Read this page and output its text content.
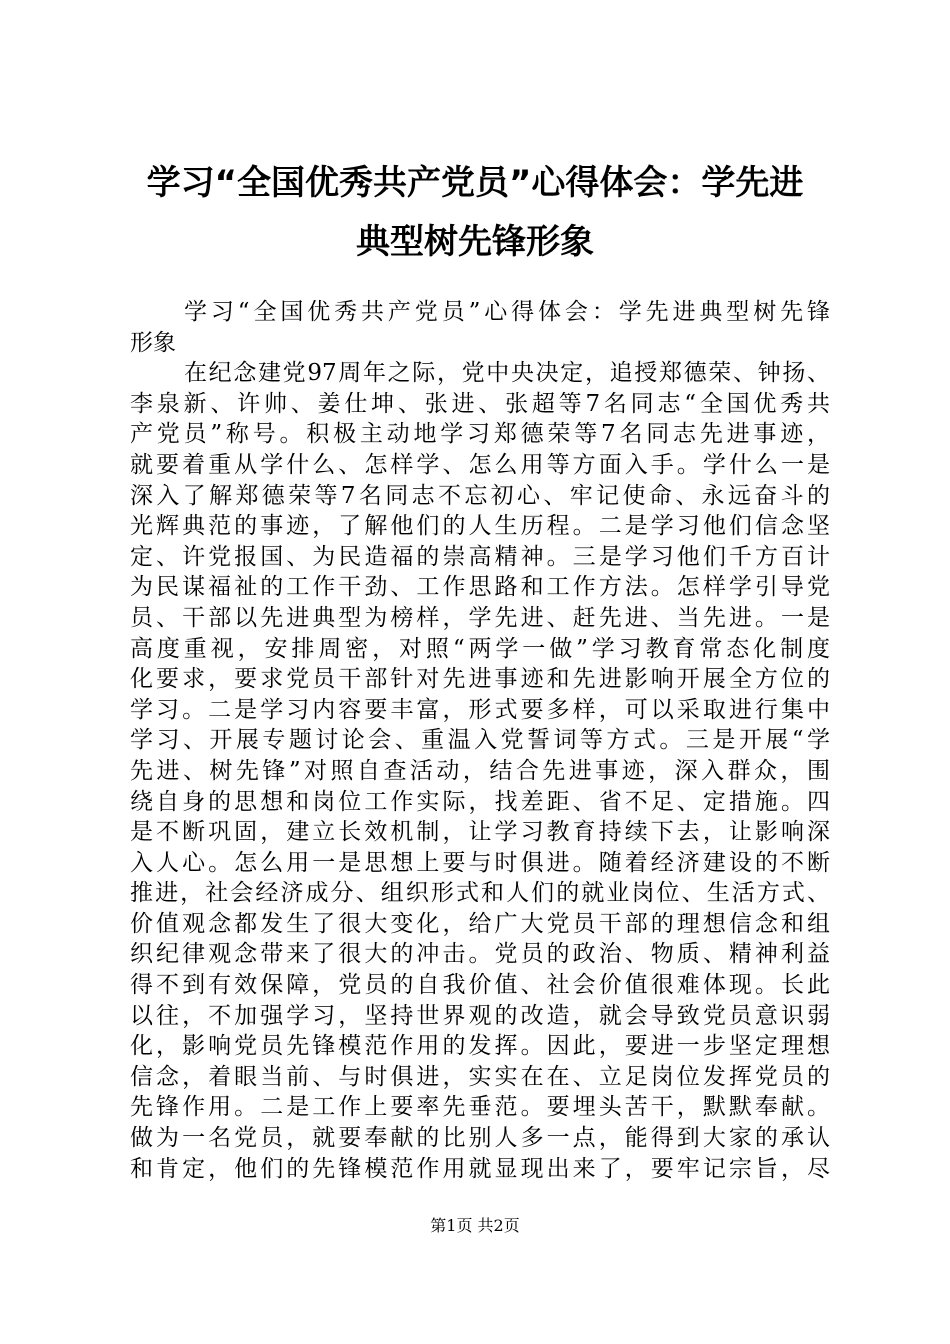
学习“全国优秀共产党员”心得体会：学先进
典型树先锋形象
学习“全国优秀共产党员”心得体会：学先进典型树先锋
形象
在纪念建党97周年之际，党中央决定，追授郑德荣、钟扬、
李泉新、许帅、姜仕坤、张进、张超等7名同志“全国优秀共
产党员”称号。积极主动地学习郑德荣等7名同志先进事迹，
就要着重从学什么、怎样学、怎么用等方面入手。学什么一是
深入了解郑德荣等7名同志不忘初心、牢记使命、永远奋斗的
光辉典范的事迹，了解他们的人生历程。二是学习他们信念坚
定、许党报国、为民造福的崇高精神。三是学习他们千方百计
为民谋福祉的工作干劲、工作思路和工作方法。怎样学引导党
员、干部以先进典型为榜样，学先进、赶先进、当先进。一是
高度重视，安排周密，对照“两学一做”学习教育常态化制度
化要求，要求党员干部针对先进事迹和先进影响开展全方位的
学习。二是学习内容要丰富，形式要多样，可以采取进行集中
学习、开展专题讨论会、重温入党誓词等方式。三是开展“学
先进、树先锋”对照自查活动，结合先进事迹，深入群众，围
绕自身的思想和岗位工作实际，找差距、省不足、定措施。四
是不断巩固，建立长效机制，让学习教育持续下去，让影响深
入人心。怎么用一是思想上要与时俱进。随着经济建设的不断
推进，社会经济成分、组织形式和人们的就业岗位、生活方式、
价值观念都发生了很大变化，给广大党员干部的理想信念和组
织纪律观念带来了很大的冲击。党员的政治、物质、精神利益
得不到有效保障，党员的自我价值、社会价值很难体现。长此
以往，不加强学习，坚持世界观的改造，就会导致党员意识弱
化，影响党员先锋模范作用的发挥。因此，要进一步坚定理想
信念，着眼当前、与时俱进，实实在在、立足岗位发挥党员的
先锋作用。二是工作上要率先垂范。要埋头苦干，默默奉献。
做为一名党员，就要奉献的比别人多一点，能得到大家的承认
和肯定，他们的先锋模范作用就显现出来了，要牢记宗旨，尽
第1页 共2页
